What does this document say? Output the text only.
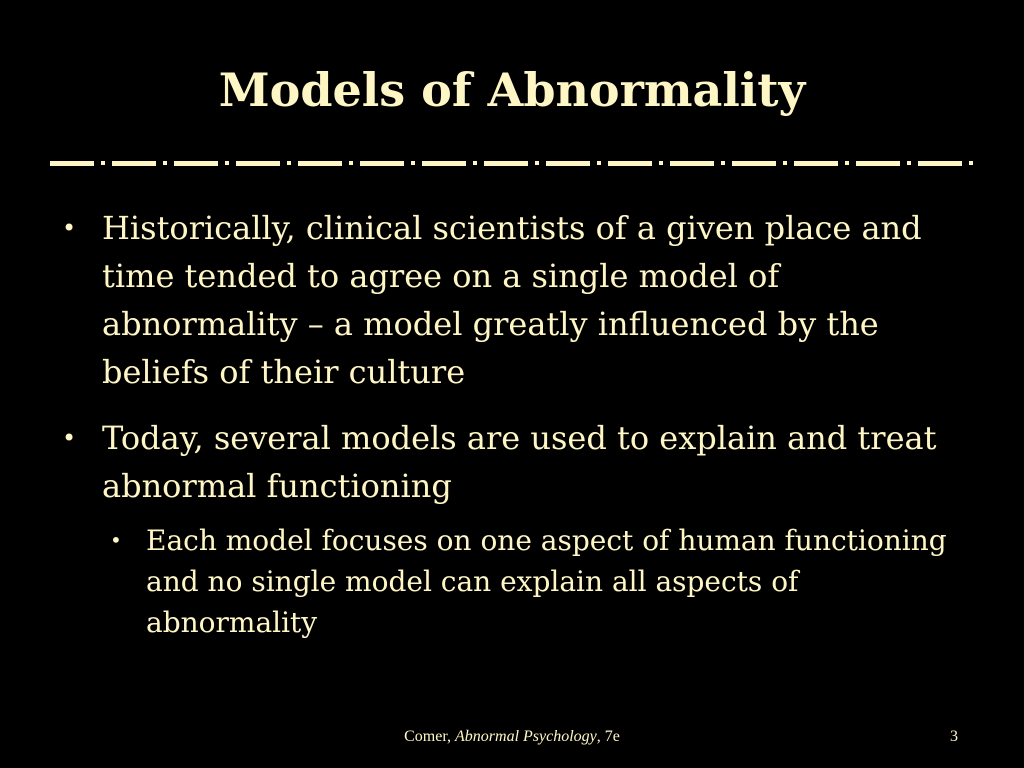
Models of Abnormality
• Historically, clinical scientists of a given place and time tended to agree on a single model of abnormality – a model greatly influenced by the beliefs of their culture
• Today, several models are used to explain and treat abnormal functioning
• Each model focuses on one aspect of human functioning and no single model can explain all aspects of abnormality
Comer, Abnormal Psychology, 7e	3
